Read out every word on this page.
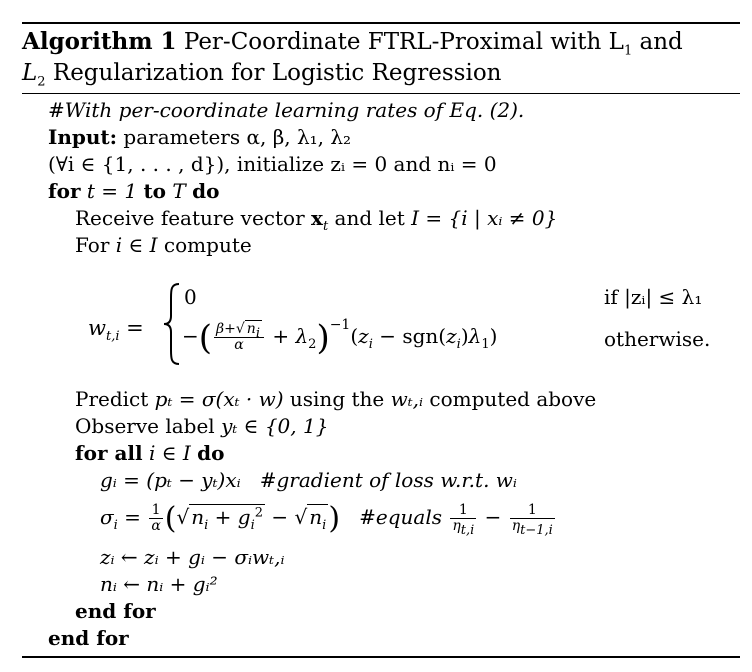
Algorithm 1 Per-Coordinate FTRL-Proximal with $L_1$ and
$L_2$ Regularization for Logistic Regression
#With per-coordinate learning rates of Eq. (2).
Input: parameters α, β, λ₁, λ₂
(∀i ∈ {1, . . . , d}), initialize zᵢ = 0 and nᵢ = 0
for t = 1 to T do
Receive feature vector $x_t$ and let I = {i | xᵢ ≠ 0}
For i ∈ I compute
$w_{t,i}$ =
0	if |zᵢ| ≤ λ₁
−( $\frac{\beta+√ n_i}{\alpha} + \lambda_2)^{-1}(z_i - sgn(z_i)\lambda_1)$	otherwise.
Predict pₜ = σ(xₜ · w) using the wₜ,ᵢ computed above
Observe label yₜ ∈ {0, 1}
for all i ∈ I do
gᵢ = (pₜ − yₜ)xᵢ #gradient of loss w.r.t. wᵢ
$\sigma_i = \frac{1}{\alpha}$ (√ $n_i + g_i^2$ − √ $n_i$) #equals $\frac{1}{\eta_{t,i}} - \frac{1}{\eta_{t-1,i}}$
zᵢ ← zᵢ + gᵢ − σᵢwₜ,ᵢ
nᵢ ← nᵢ + gᵢ²
end for
end for
